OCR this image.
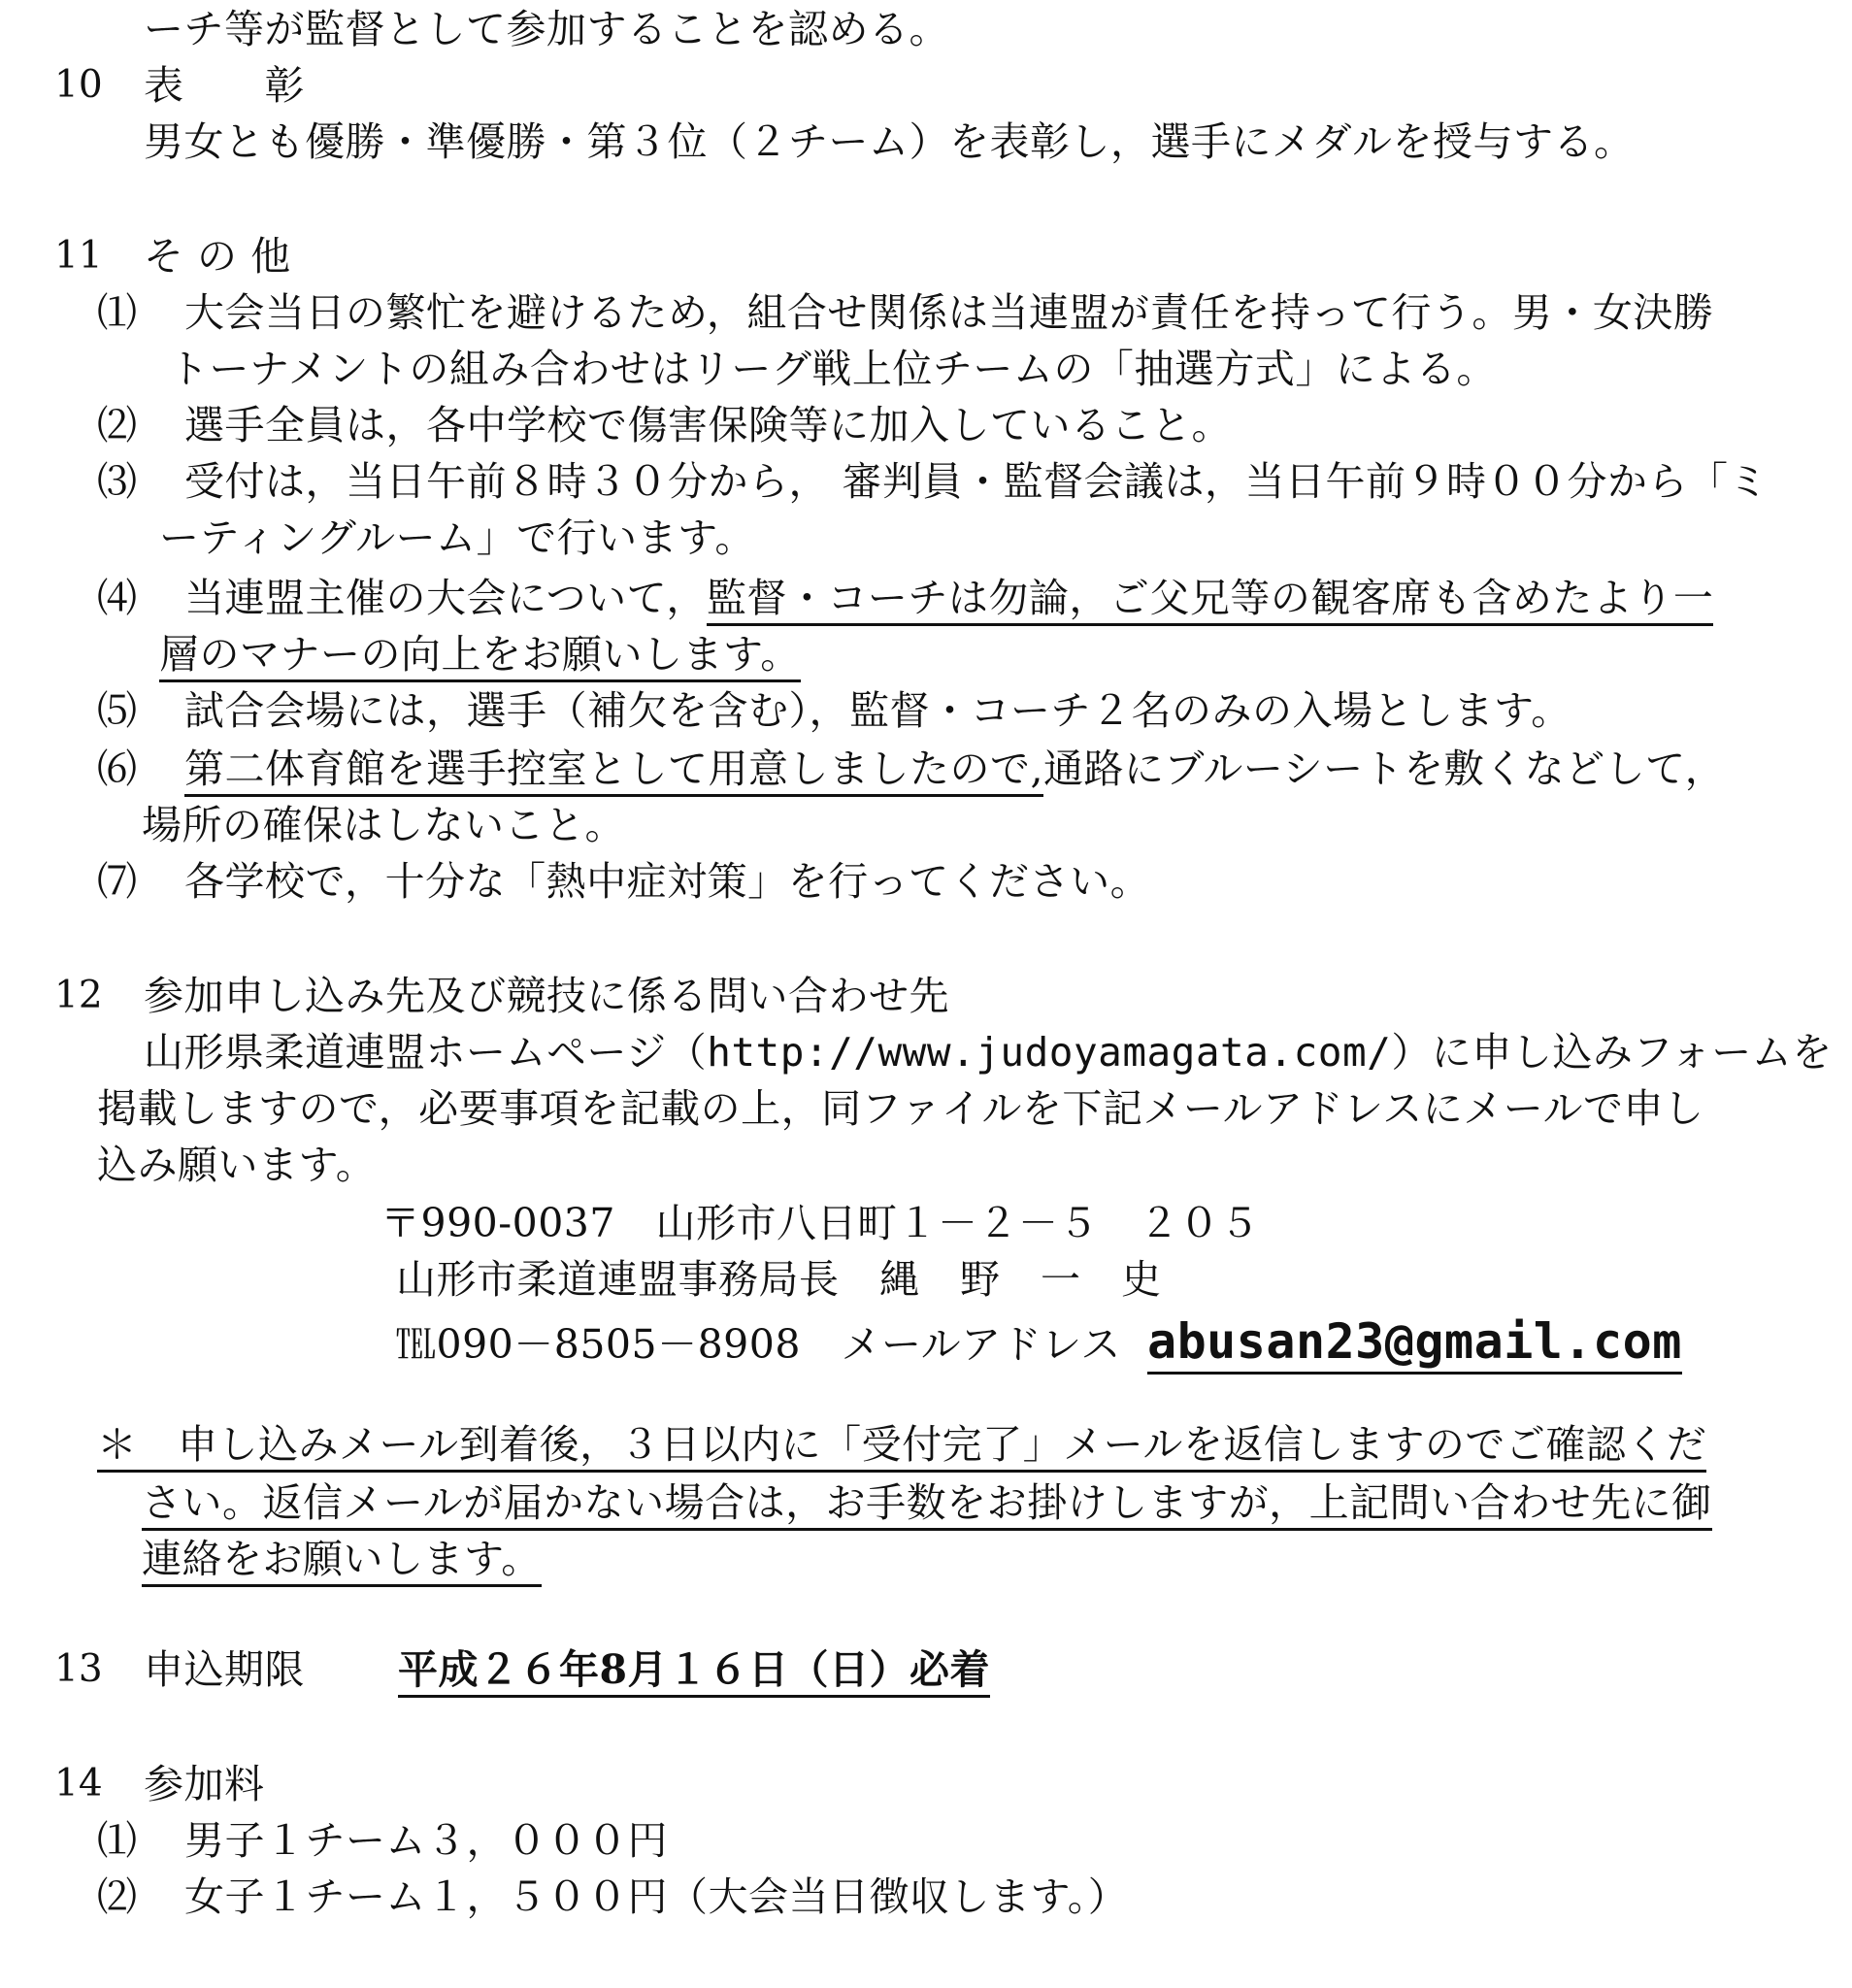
ーチ等が監督として参加することを認める。
10 表　　彰
男女とも優勝・準優勝・第３位（２チーム）を表彰し，選手にメダルを授与する。
11 そ の 他
⑴ 大会当日の繁忙を避けるため，組合せ関係は当連盟が責任を持って行う。男・女決勝
トーナメントの組み合わせはリーグ戦上位チームの「抽選方式」による。
⑵ 選手全員は，各中学校で傷害保険等に加入していること。
⑶ 受付は，当日午前８時３０分から， 審判員・監督会議は，当日午前９時００分から「ミ
ーティングルーム」で行います。
⑷ 当連盟主催の大会について，監督・コーチは勿論，ご父兄等の観客席も含めたより一
層のマナーの向上をお願いします。
⑸ 試合会場には，選手（補欠を含む），監督・コーチ２名のみの入場とします。
⑹ 第二体育館を選手控室として用意しましたので,通路にブルーシートを敷くなどして，
場所の確保はしないこと。
⑺ 各学校で，十分な「熱中症対策」を行ってください。
12 参加申し込み先及び競技に係る問い合わせ先
山形県柔道連盟ホームページ（http://www.judoyamagata.com/）に申し込みフォームを
掲載しますので，必要事項を記載の上，同ファイルを下記メールアドレスにメールで申し
込み願います。
〒990-0037　山形市八日町１－２－５　２０５
山形市柔道連盟事務局長　縄　野　一　史
℡090－8505－8908　メールアドレス abusan23@gmail.com
＊　申し込みメール到着後，３日以内に「受付完了」メールを返信しますのでご確認くだ
さい。返信メールが届かない場合は，お手数をお掛けしますが，上記問い合わせ先に御
連絡をお願いします。
13 申込期限 平成２６年8月１６日（日）必着
14 参加料
⑴ 男子１チーム３，０００円
⑵ 女子１チーム１，５００円（大会当日徴収します。）
